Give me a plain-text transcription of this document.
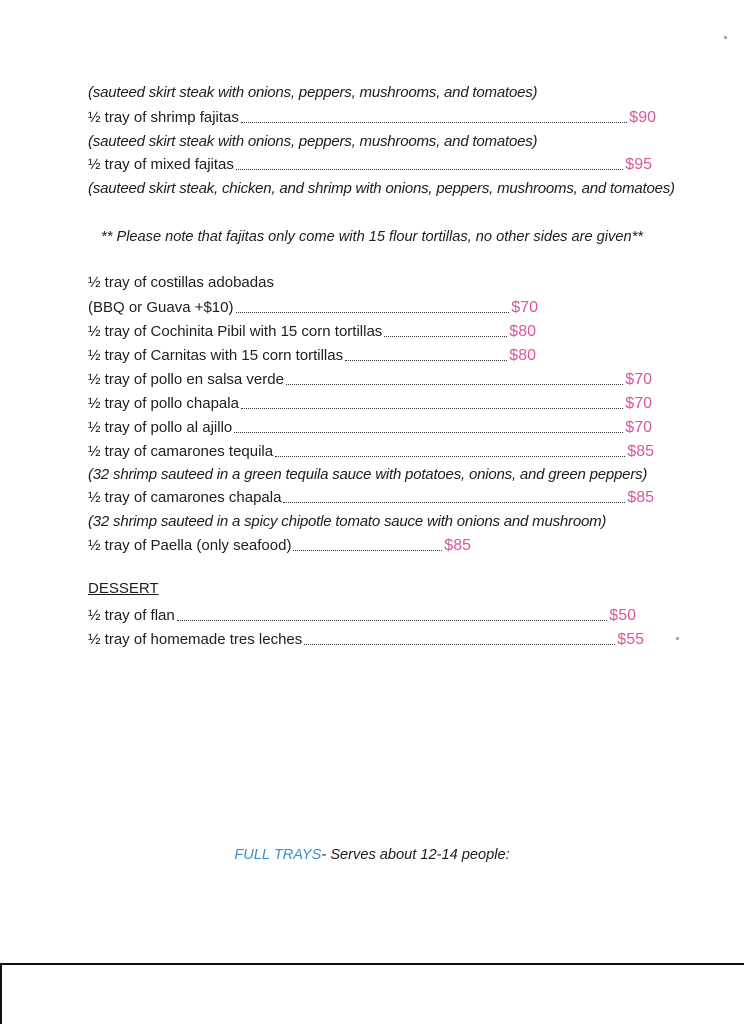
(sauteed skirt steak with onions, peppers, mushrooms, and tomatoes)
½ tray of shrimp fajitas	$90
(sauteed skirt steak with onions, peppers, mushrooms, and tomatoes)
½ tray of mixed fajitas	$95
(sauteed skirt steak, chicken, and shrimp with onions, peppers, mushrooms, and tomatoes)
** Please note that fajitas only come with 15 flour tortillas, no other sides are given**
½ tray of costillas adobadas
(BBQ or Guava +$10)	$70
½ tray of Cochinita Pibil with 15 corn tortillas	$80
½ tray of Carnitas with 15 corn tortillas	$80
½ tray of pollo en salsa verde	$70
½ tray of pollo chapala	$70
½ tray of pollo al ajillo	$70
½ tray of camarones tequila	$85
(32 shrimp sauteed in a green tequila sauce with potatoes, onions, and green peppers)
½ tray of camarones chapala	$85
(32 shrimp sauteed in a spicy chipotle tomato sauce with onions and mushroom)
½ tray of Paella (only seafood)	$85
DESSERT
½ tray of flan	$50
½ tray of homemade tres leches	$55
FULL TRAYS- Serves about 12-14 people:
